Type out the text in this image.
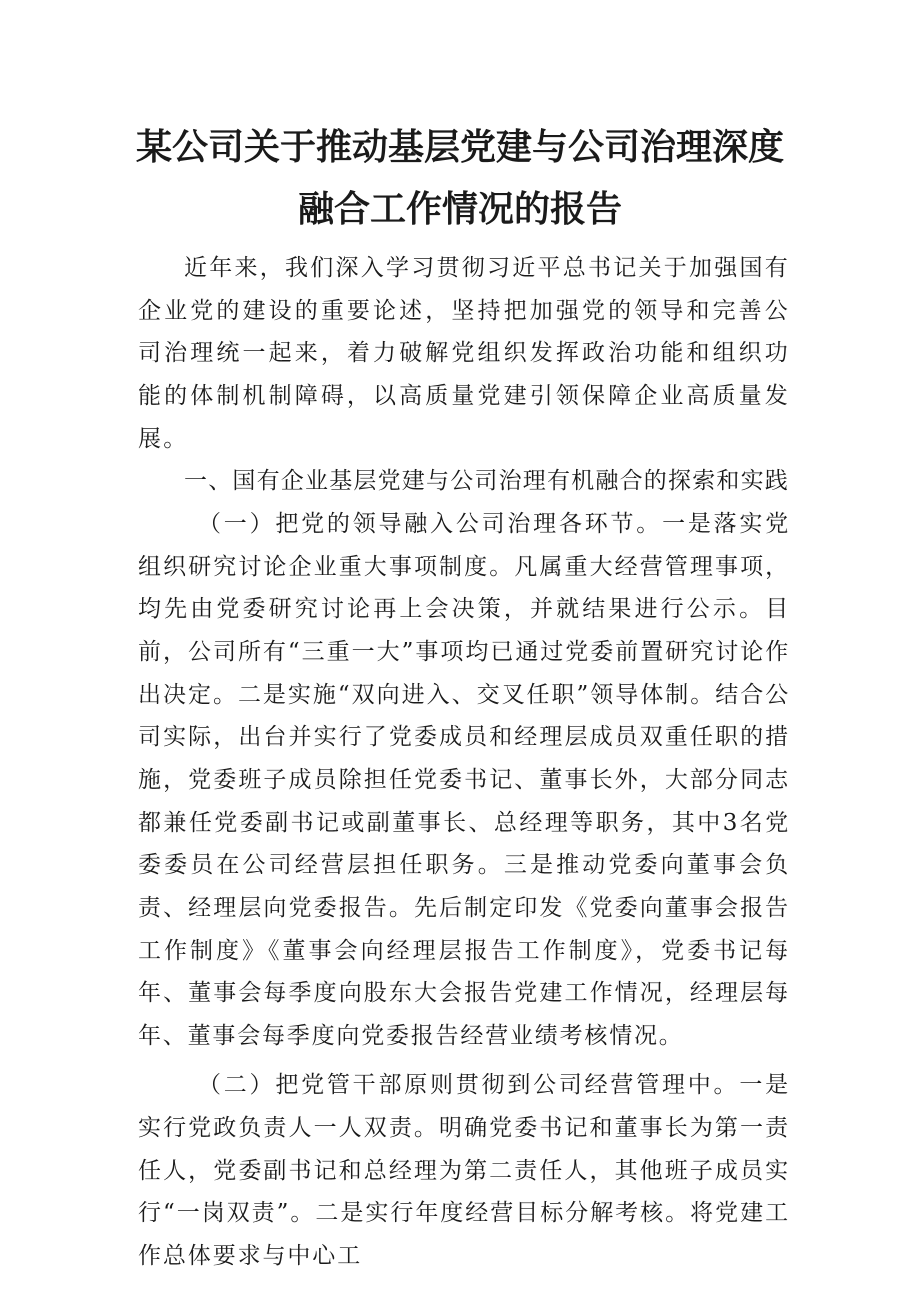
某公司关于推动基层党建与公司治理深度
融合工作情况的报告

近年来，我们深入学习贯彻习近平总书记关于加强国有企业党的建设的重要论述，坚持把加强党的领导和完善公司治理统一起来，着力破解党组织发挥政治功能和组织功能的体制机制障碍，以高质量党建引领保障企业高质量发展。

一、国有企业基层党建与公司治理有机融合的探索和实践

（一）把党的领导融入公司治理各环节。一是落实党组织研究讨论企业重大事项制度。凡属重大经营管理事项，均先由党委研究讨论再上会决策，并就结果进行公示。目前，公司所有“三重一大”事项均已通过党委前置研究讨论作出决定。二是实施“双向进入、交叉任职”领导体制。结合公司实际，出台并实行了党委成员和经理层成员双重任职的措施，党委班子成员除担任党委书记、董事长外，大部分同志都兼任党委副书记或副董事长、总经理等职务，其中3名党委委员在公司经营层担任职务。三是推动党委向董事会负责、经理层向党委报告。先后制定印发《党委向董事会报告工作制度》《董事会向经理层报告工作制度》，党委书记每年、董事会每季度向股东大会报告党建工作情况，经理层每年、董事会每季度向党委报告经营业绩考核情况。

（二）把党管干部原则贯彻到公司经营管理中。一是实行党政负责人一人双责。明确党委书记和董事长为第一责任人，党委副书记和总经理为第二责任人，其他班子成员实行“一岗双责”。二是实行年度经营目标分解考核。将党建工作总体要求与中心工
